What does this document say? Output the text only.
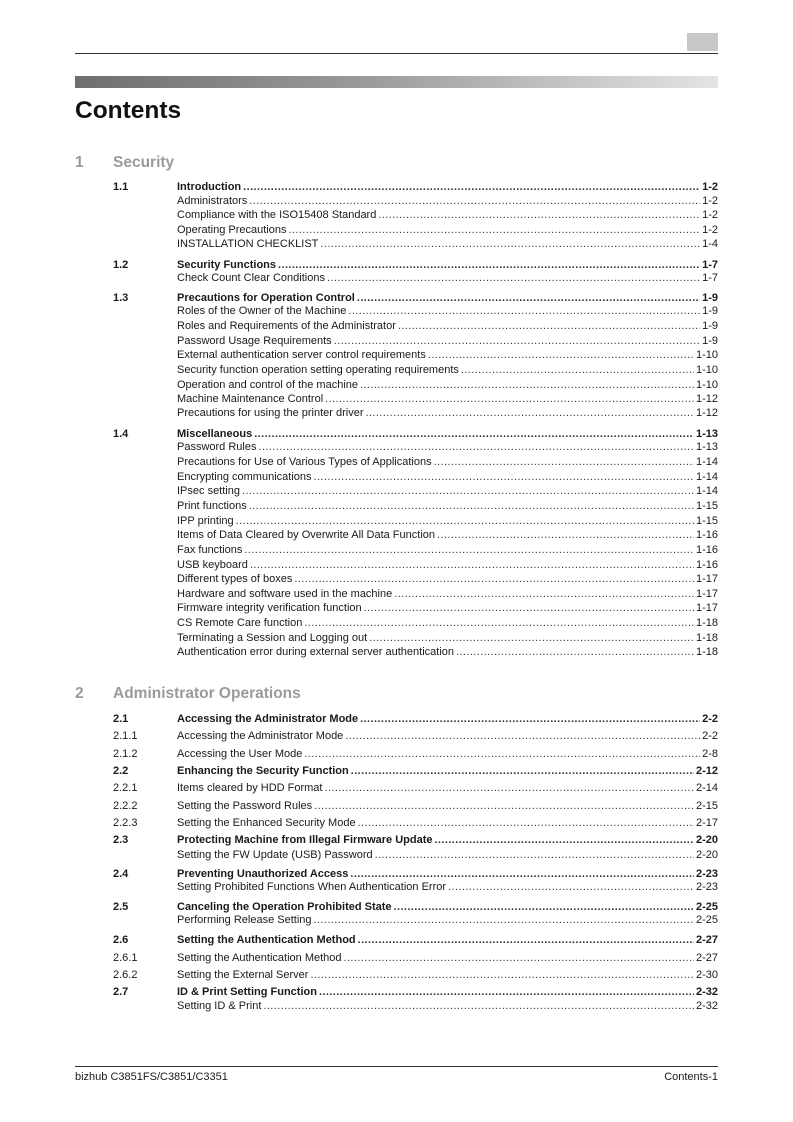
Contents
1 Security
1.1	Introduction .....	1-2
Administrators .....	1-2
Compliance with the ISO15408 Standard .....	1-2
Operating Precautions .....	1-2
INSTALLATION CHECKLIST .....	1-4
1.2	Security Functions .....	1-7
Check Count Clear Conditions .....	1-7
1.3	Precautions for Operation Control .....	1-9
Roles of the Owner of the Machine .....	1-9
Roles and Requirements of the Administrator .....	1-9
Password Usage Requirements .....	1-9
External authentication server control requirements .....	1-10
Security function operation setting operating requirements .....	1-10
Operation and control of the machine .....	1-10
Machine Maintenance Control .....	1-12
Precautions for using the printer driver .....	1-12
1.4	Miscellaneous .....	1-13
Password Rules .....	1-13
Precautions for Use of Various Types of Applications .....	1-14
Encrypting communications .....	1-14
IPsec setting .....	1-14
Print functions .....	1-15
IPP printing .....	1-15
Items of Data Cleared by Overwrite All Data Function .....	1-16
Fax functions .....	1-16
USB keyboard .....	1-16
Different types of boxes .....	1-17
Hardware and software used in the machine .....	1-17
Firmware integrity verification function .....	1-17
CS Remote Care function .....	1-18
Terminating a Session and Logging out .....	1-18
Authentication error during external server authentication .....	1-18
2 Administrator Operations
2.1	Accessing the Administrator Mode .....	2-2
2.1.1	Accessing the Administrator Mode .....	2-2
2.1.2	Accessing the User Mode .....	2-8
2.2	Enhancing the Security Function .....	2-12
2.2.1	Items cleared by HDD Format .....	2-14
2.2.2	Setting the Password Rules .....	2-15
2.2.3	Setting the Enhanced Security Mode .....	2-17
2.3	Protecting Machine from Illegal Firmware Update .....	2-20
Setting the FW Update (USB) Password .....	2-20
2.4	Preventing Unauthorized Access .....	2-23
Setting Prohibited Functions When Authentication Error .....	2-23
2.5	Canceling the Operation Prohibited State .....	2-25
Performing Release Setting .....	2-25
2.6	Setting the Authentication Method .....	2-27
2.6.1	Setting the Authentication Method .....	2-27
2.6.2	Setting the External Server .....	2-30
2.7	ID & Print Setting Function .....	2-32
Setting ID & Print .....	2-32
bizhub C3851FS/C3851/C3351	Contents-1
